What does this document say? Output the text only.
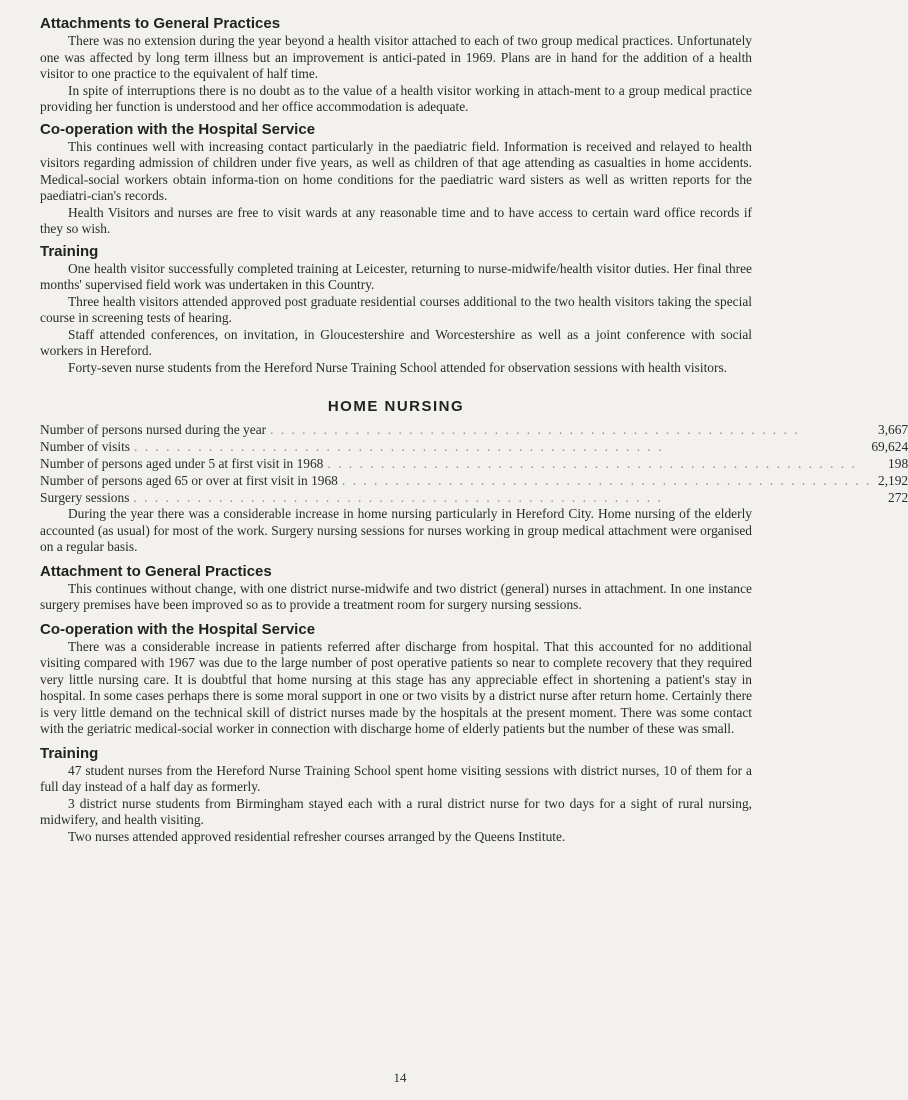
Attachments to General Practices

There was no extension during the year beyond a health visitor attached to each of two group medical practices. Unfortunately one was affected by long term illness but an improvement is antici-pated in 1969. Plans are in hand for the addition of a health visitor to one practice to the equivalent of half time.

In spite of interruptions there is no doubt as to the value of a health visitor working in attach-ment to a group medical practice providing her function is understood and her office accommodation is adequate.

Co-operation with the Hospital Service

This continues well with increasing contact particularly in the paediatric field. Information is received and relayed to health visitors regarding admission of children under five years, as well as children of that age attending as casualties in home accidents. Medical-social workers obtain informa-tion on home conditions for the paediatric ward sisters as well as written reports for the paediatri-cian's records.

Health Visitors and nurses are free to visit wards at any reasonable time and to have access to certain ward office records if they so wish.

Training

One health visitor successfully completed training at Leicester, returning to nurse-midwife/health visitor duties. Her final three months' supervised field work was undertaken in this Country.

Three health visitors attended approved post graduate residential courses additional to the two health visitors taking the special course in screening tests of hearing.

Staff attended conferences, on invitation, in Gloucestershire and Worcestershire as well as a joint conference with social workers in Hereford.

Forty-seven nurse students from the Hereford Nurse Training School attended for observation sessions with health visitors.

HOME NURSING
Number of persons nursed during the year . . . . . . . . . . . . . . . . . . . . . . . . . . . . . . . . . . . . . . . . . . . . . . . . . .	3,667
Number of visits . . . . . . . . . . . . . . . . . . . . . . . . . . . . . . . . . . . . . . . . . . . . . . . . . .	69,624
Number of persons aged under 5 at first visit in 1968 . . . . . . . . . . . . . . . . . . . . . . . . . . . . . . . . . . . . . . . . . . . . . . . . . .	198
Number of persons aged 65 or over at first visit in 1968 . . . . . . . . . . . . . . . . . . . . . . . . . . . . . . . . . . . . . . . . . . . . . . . . . .	2,192
Surgery sessions . . . . . . . . . . . . . . . . . . . . . . . . . . . . . . . . . . . . . . . . . . . . . . . . . .	272

During the year there was a considerable increase in home nursing particularly in Hereford City. Home nursing of the elderly accounted (as usual) for most of the work. Surgery nursing sessions for nurses working in group medical attachment were organised on a regular basis.

Attachment to General Practices

This continues without change, with one district nurse-midwife and two district (general) nurses in attachment. In one instance surgery premises have been improved so as to provide a treatment room for surgery nursing sessions.

Co-operation with the Hospital Service

There was a considerable increase in patients referred after discharge from hospital. That this accounted for no additional visiting compared with 1967 was due to the large number of post operative patients so near to complete recovery that they required very little nursing care. It is doubtful that home nursing at this stage has any appreciable effect in shortening a patient's stay in hospital. In some cases perhaps there is some moral support in one or two visits by a district nurse after return home. Certainly there is very little demand on the technical skill of district nurses made by the hospitals at the present moment. There was some contact with the geriatric medical-social worker in connection with discharge home of elderly patients but the number of these was small.

Training

47 student nurses from the Hereford Nurse Training School spent home visiting sessions with district nurses, 10 of them for a full day instead of a half day as formerly.

3 district nurse students from Birmingham stayed each with a rural district nurse for two days for a sight of rural nursing, midwifery, and health visiting.

Two nurses attended approved residential refresher courses arranged by the Queens Institute.

14
